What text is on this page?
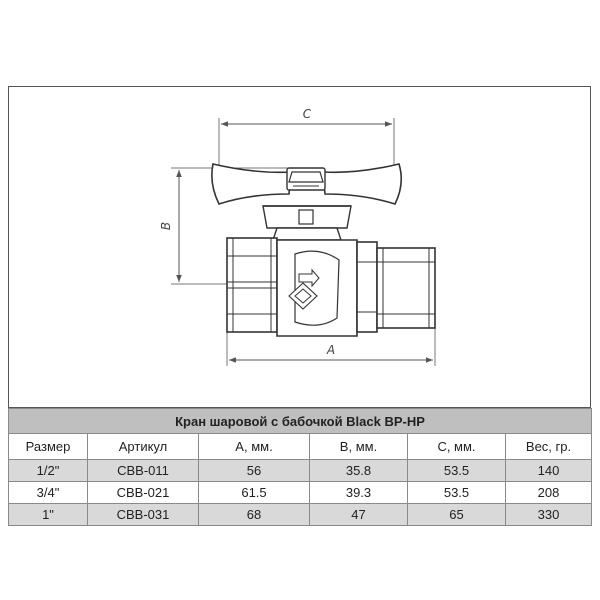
C
B
A
Кран шаровой с бабочкой Black ВР-НР					
Размер	Артикул	А, мм.	В, мм.	С, мм.	Вес, гр.
1/2"	СВВ-011	56	35.8	53.5	140
3/4"	СВВ-021	61.5	39.3	53.5	208
1"	СВВ-031	68	47	65	330
